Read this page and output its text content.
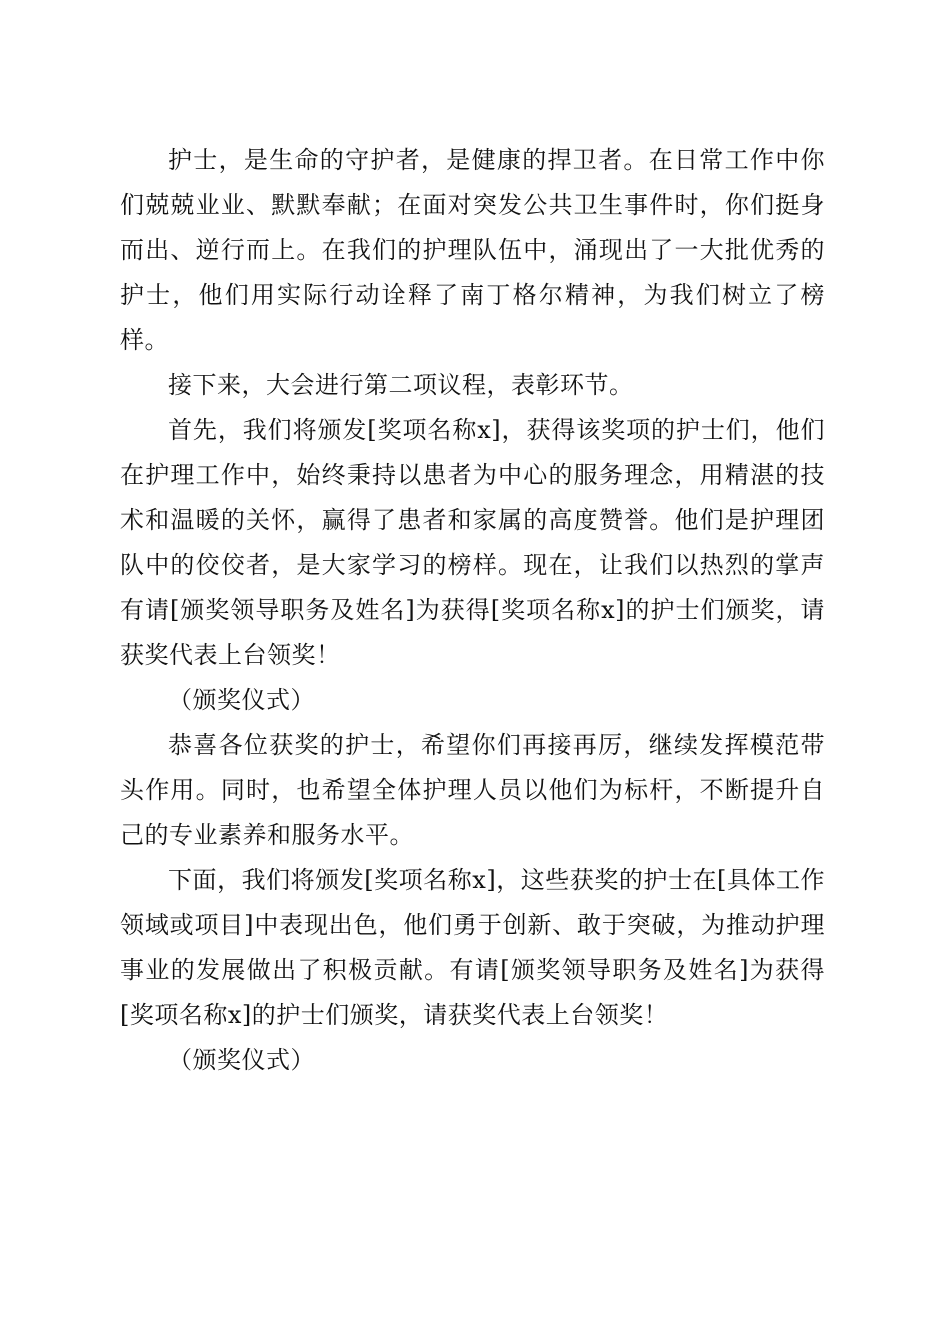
护士，是生命的守护者，是健康的捍卫者。在日常工作中你们兢兢业业、默默奉献；在面对突发公共卫生事件时，你们挺身而出、逆行而上。在我们的护理队伍中，涌现出了一大批优秀的护士，他们用实际行动诠释了南丁格尔精神，为我们树立了榜样。

接下来，大会进行第二项议程，表彰环节。

首先，我们将颁发[奖项名称x]，获得该奖项的护士们，他们在护理工作中，始终秉持以患者为中心的服务理念，用精湛的技术和温暖的关怀，赢得了患者和家属的高度赞誉。他们是护理团队中的佼佼者，是大家学习的榜样。现在，让我们以热烈的掌声有请[颁奖领导职务及姓名]为获得[奖项名称x]的护士们颁奖，请获奖代表上台领奖！

（颁奖仪式）

恭喜各位获奖的护士，希望你们再接再厉，继续发挥模范带头作用。同时，也希望全体护理人员以他们为标杆，不断提升自己的专业素养和服务水平。

下面，我们将颁发[奖项名称x]，这些获奖的护士在[具体工作领域或项目]中表现出色，他们勇于创新、敢于突破，为推动护理事业的发展做出了积极贡献。有请[颁奖领导职务及姓名]为获得[奖项名称x]的护士们颁奖，请获奖代表上台领奖！

（颁奖仪式）
